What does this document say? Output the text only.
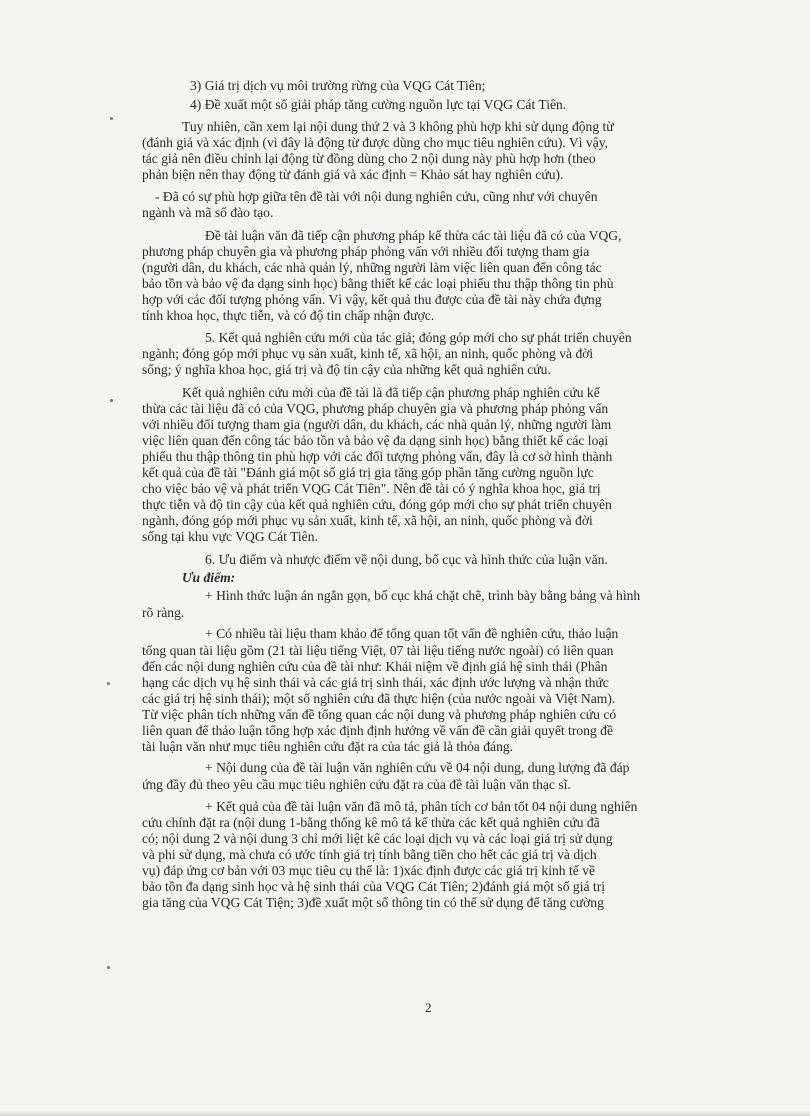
3) Giá trị dịch vụ môi trường rừng của VQG Cát Tiên;
4) Đề xuất một số giải pháp tăng cường nguồn lực tại VQG Cát Tiên.
Tuy nhiên, cần xem lại nội dung thứ 2 và 3 không phù hợp khi sử dụng động từ
(đánh giá và xác định (vì đây là động từ được dùng cho mục tiêu nghiên cứu). Vì vậy,
tác giả nên điều chỉnh lại động từ đồng dùng cho 2 nội dung này phù hợp hơn (theo
phản biện nên thay động từ đánh giá và xác định = Khảo sát hay nghiên cứu).
- Đã có sự phù hợp giữa tên đề tài với nội dung nghiên cứu, cũng như với chuyên
ngành và mã số đào tạo.
Đề tài luận văn đã tiếp cận phương pháp kế thừa các tài liệu đã có của VQG,
phương pháp chuyên gia và phương pháp phỏng vấn với nhiều đối tượng tham gia
(người dân, du khách, các nhà quản lý, những người làm việc liên quan đến công tác
bảo tồn và bảo vệ đa dạng sinh học) bằng thiết kế các loại phiếu thu thập thông tin phù
hợp với các đối tượng phỏng vấn. Vì vậy, kết quả thu được của đề tài này chứa đựng
tính khoa học, thực tiễn, và có độ tin chấp nhận được.
5. Kết quả nghiên cứu mới của tác giả; đóng góp mới cho sự phát triển chuyên
ngành; đóng góp mới phục vụ sản xuất, kinh tế, xã hội, an ninh, quốc phòng và đời
sống; ý nghĩa khoa học, giá trị và độ tin cậy của những kết quả nghiên cứu.
Kết quả nghiên cứu mới của đề tài là đã tiếp cận phương pháp nghiên cứu kế
thừa các tài liệu đã có của VQG, phương pháp chuyên gia và phương pháp phỏng vấn
với nhiều đối tượng tham gia (người dân, du khách, các nhà quản lý, những người làm
việc liên quan đến công tác bảo tồn và bảo vệ đa dạng sinh học) bằng thiết kế các loại
phiếu thu thập thông tin phù hợp với các đối tượng phỏng vấn, đây là cơ sở hình thành
kết quả của đề tài "Đánh giá một số giá trị gia tăng góp phần tăng cường nguồn lực
cho việc bảo vệ và phát triển VQG Cát Tiên". Nên đề tài có ý nghĩa khoa học, giá trị
thực tiễn và độ tin cậy của kết quả nghiên cứu, đóng góp mới cho sự phát triển chuyên
ngành, đóng góp mới phục vụ sản xuất, kinh tế, xã hội, an ninh, quốc phòng và đời
sống tại khu vực VQG Cát Tiên.
6. Ưu điểm và nhược điểm về nội dung, bố cục và hình thức của luận văn.
Ưu điểm:
+ Hình thức luận án ngắn gọn, bố cục khá chặt chẽ, trình bày bằng bảng và hình
rõ ràng.
+ Có nhiều tài liệu tham khảo để tổng quan tốt vấn đề nghiên cứu, thảo luận
tổng quan tài liệu gồm (21 tài liệu tiếng Việt, 07 tài liệu tiếng nước ngoài) có liên quan
đến các nội dung nghiên cứu của đề tài như: Khái niệm về định giá hệ sinh thái (Phân
hạng các dịch vụ hệ sinh thái và các giá trị sinh thái, xác định ước lượng và nhận thức
các giá trị hệ sinh thái); một số nghiên cứu đã thực hiện (của nước ngoài và Việt Nam).
Từ việc phân tích những vấn đề tổng quan các nội dung và phương pháp nghiên cứu có
liên quan để thảo luận tổng hợp xác định định hướng về vấn đề cần giải quyết trong đề
tài luận văn như mục tiêu nghiên cứu đặt ra của tác giả là thỏa đáng.
+ Nội dung của đề tài luận văn nghiên cứu về 04 nội dung, dung lượng đã đáp
ứng đầy đủ theo yêu cầu mục tiêu nghiên cứu đặt ra của đề tài luận văn thạc sĩ.
+ Kết quả của đề tài luận văn đã mô tả, phân tích cơ bản tốt 04 nội dung nghiên
cứu chính đặt ra (nội dung 1-bằng thống kê mô tả kế thừa các kết quả nghiên cứu đã
có; nội dung 2 và nội dung 3 chỉ mới liệt kê các loại dịch vụ và các loại giá trị sử dụng
và phi sử dụng, mà chưa có ước tính giá trị tính bằng tiền cho hết các giá trị và dịch
vụ) đáp ứng cơ bản với 03 mục tiêu cụ thể là: 1)xác định được các giá trị kinh tế về
bảo tồn đa dạng sinh học và hệ sinh thái của VQG Cát Tiên; 2)đánh giá một số giá trị
gia tăng của VQG Cát Tiện; 3)đề xuất một số thông tin có thể sử dụng để tăng cường
2
